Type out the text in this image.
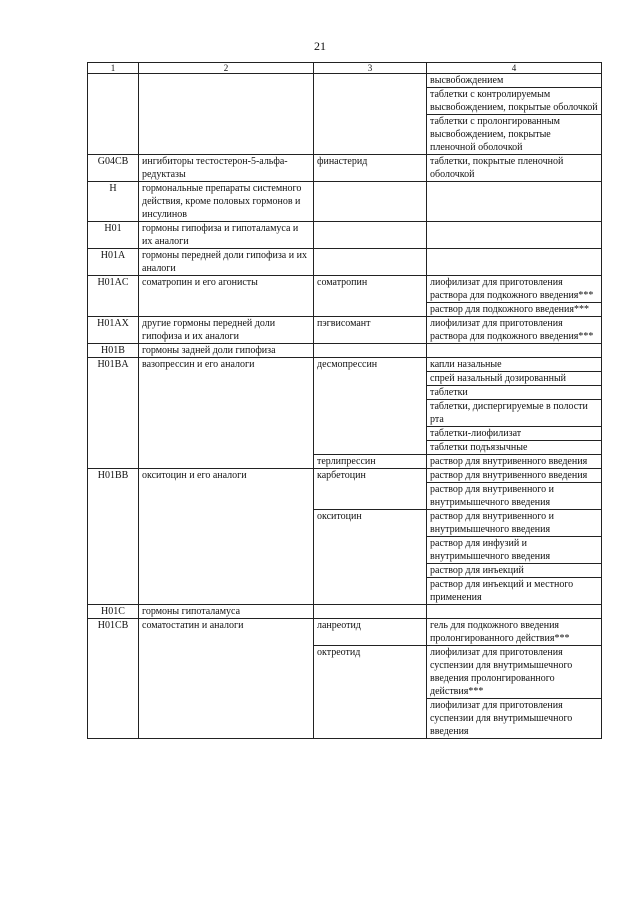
21
1	2	3	4
			высвобождением
			таблетки с контролируемым высвобождением, покрытые оболочкой
			таблетки с пролонгированным высвобождением, покрытые пленочной оболочкой
G04CB	ингибиторы тестостерон-5-альфа-редуктазы	финастерид	таблетки, покрытые пленочной оболочкой
H	гормональные препараты системного действия, кроме половых гормонов и инсулинов		
H01	гормоны гипофиза и гипоталамуса и их аналоги		
H01A	гормоны передней доли гипофиза и их аналоги		
H01AC	соматропин и его агонисты	соматропин	лиофилизат для приготовления раствора для подкожного введения***
			раствор для подкожного введения***
H01AX	другие гормоны передней доли гипофиза и их аналоги	пэгвисомант	лиофилизат для приготовления раствора для подкожного введения***
H01B	гормоны задней доли гипофиза		
H01BA	вазопрессин и его аналоги	десмопрессин	капли назальные
			спрей назальный дозированный
			таблетки
			таблетки, диспергируемые в полости рта
			таблетки-лиофилизат
			таблетки подъязычные
		терлипрессин	раствор для внутривенного введения
H01BB	окситоцин и его аналоги	карбетоцин	раствор для внутривенного введения
			раствор для внутривенного и внутримышечного введения
		окситоцин	раствор для внутривенного и внутримышечного введения
			раствор для инфузий и внутримышечного введения
			раствор для инъекций
			раствор для инъекций и местного применения
H01C	гормоны гипоталамуса		
H01CB	соматостатин и аналоги	ланреотид	гель для подкожного введения пролонгированного действия***
		октреотид	лиофилизат для приготовления суспензии для внутримышечного введения пролонгированного действия***
			лиофилизат для приготовления суспензии для внутримышечного введения
